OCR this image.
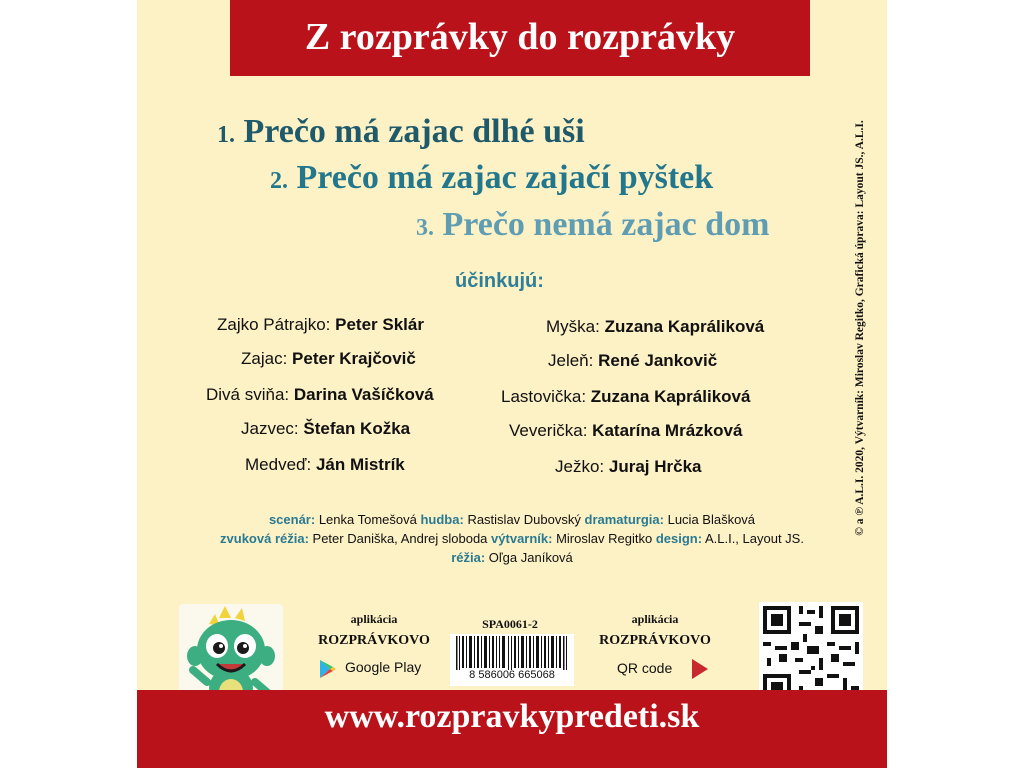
Z rozprávky do rozprávky
1. Prečo má zajac dlhé uši
2. Prečo má zajac zajačí pyštek
3. Prečo nemá zajac dom
účinkujú:
Zajko Pátrajko: Peter Sklár
Zajac: Peter Krajčovič
Divá sviňa: Darina Vašíčková
Jazvec: Štefan Kožka
Medveď: Ján Mistrík
Myška: Zuzana Kaprálikov​á
Jeleň: René Jankovič
Lastovička: Zuzana Kapráliková
Veverička: Katarína Mrázková
Ježko: Juraj Hrčka
scenár: Lenka Tomešová hudba: Rastislav Dubovský dramaturgia: Lucia Blašková
zvuková réžia: Peter Daniška, Andrej sloboda výtvarník: Miroslav Regitko design: A.L.I., Layout JS.
réžia: Oľga Janíková
aplikácia
ROZPRÁVKOVO
Google Play
SPA0061-2
8 586006 665068
aplikácia
ROZPRÁVKOVO
QR code
www.rozpravkypredeti.sk
© a ℗ A.L.I. 2020, Výtvarník: Miroslav Regitko, Grafická úprava: Layout JS., A.L.I.
